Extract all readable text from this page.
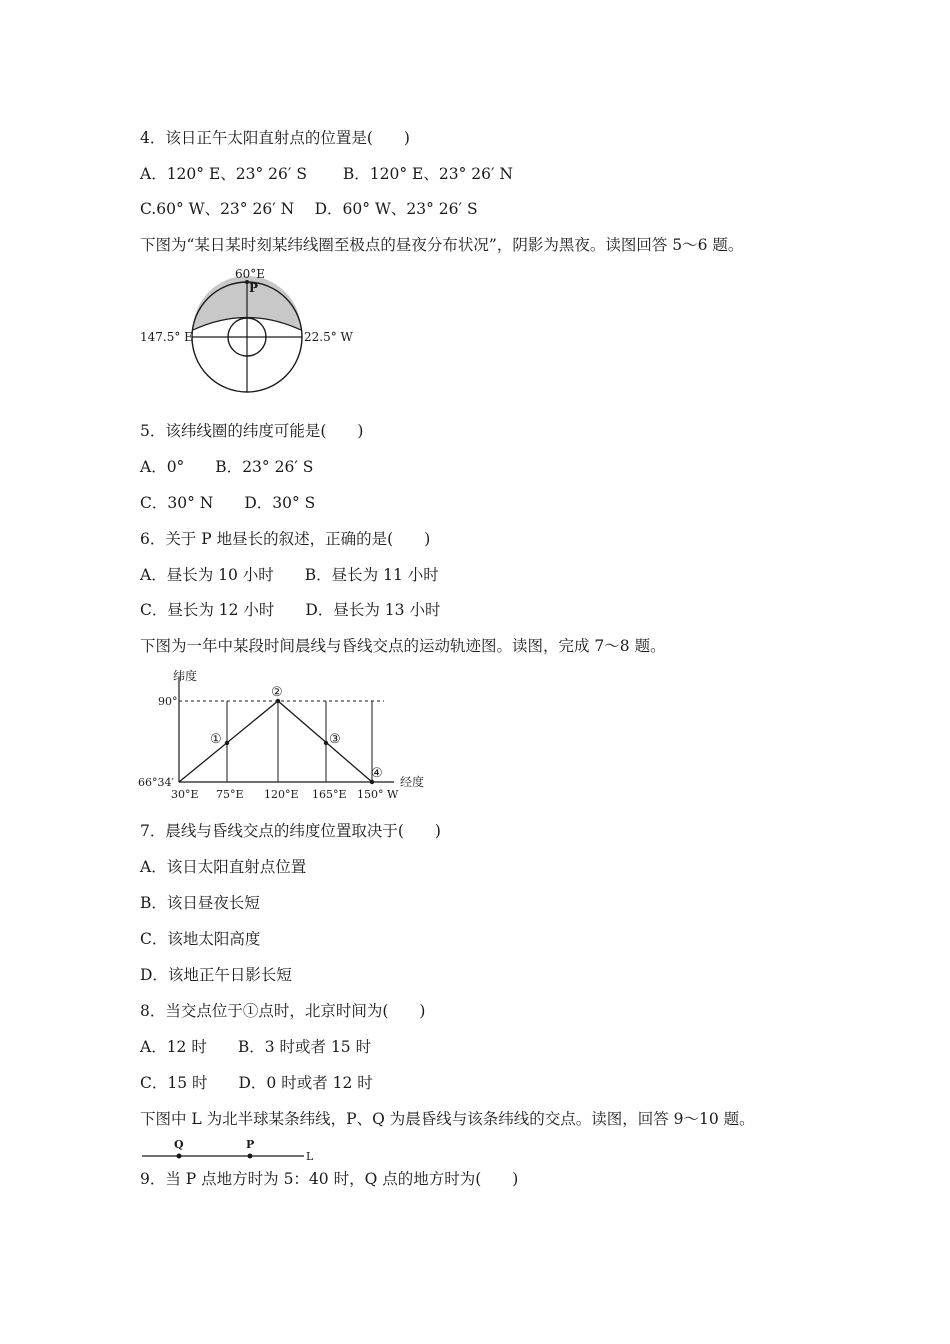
4．该日正午太阳直射点的位置是(　　)
A．120° E、23° 26′ S　 　B．120° E、23° 26′ N
C.60° W、23° 26′ N　 D．60° W、23° 26′ S
下图为“某日某时刻某纬线圈至极点的昼夜分布状况”，阴影为黑夜。读图回答 5～6 题。
60°E
P
147.5° E	22.5° W
5．该纬线圈的纬度可能是(　　)
A．0°　　B．23° 26′ S
C．30° N　　D．30° S
6．关于 P 地昼长的叙述，正确的是(　　)
A．昼长为 10 小时　　B．昼长为 11 小时
C．昼长为 12 小时　　D．昼长为 13 小时
下图为一年中某段时间晨线与昏线交点的运动轨迹图。读图，完成 7～8 题。
纬度
经度
90°
66°34′
30°E 75°E 120°E 165°E 150° W
①
②
③
④
7．晨线与昏线交点的纬度位置取决于(　　)
A．该日太阳直射点位置
B．该日昼夜长短
C．该地太阳高度
D．该地正午日影长短
8．当交点位于①点时，北京时间为(　　)
A．12 时　　B．3 时或者 15 时
C．15 时　　D．0 时或者 12 时
下图中 L 为北半球某条纬线，P、Q 为晨昏线与该条纬线的交点。读图，回答 9～10 题。
Q	P
L
9．当 P 点地方时为 5：40 时，Q 点的地方时为(　　)
